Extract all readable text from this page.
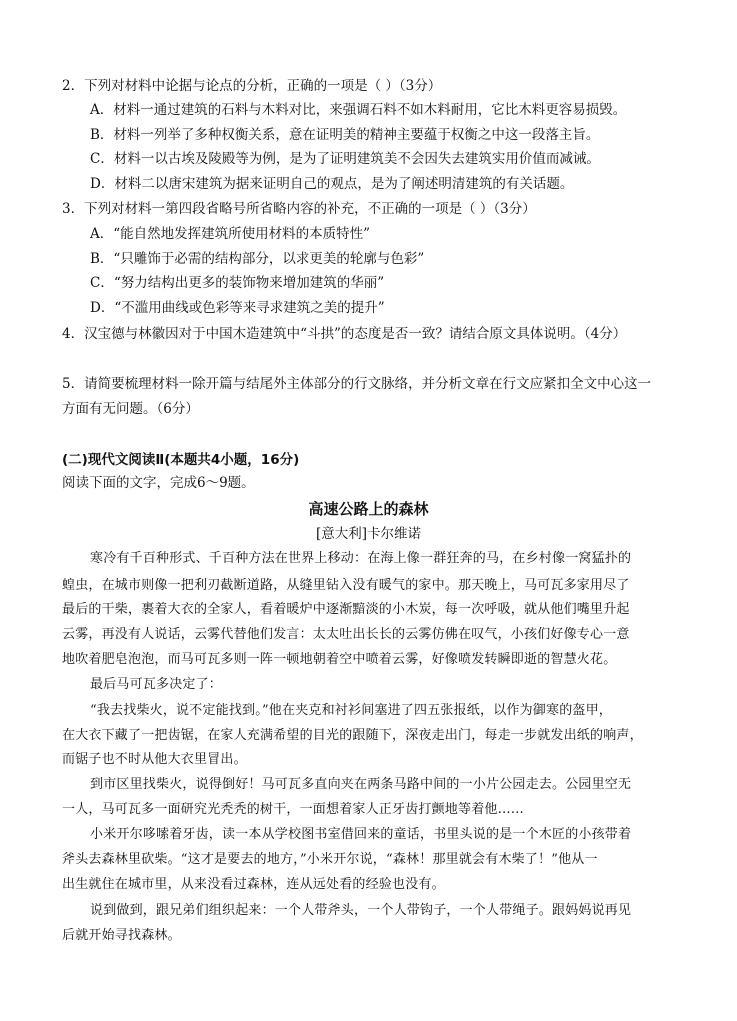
2．下列对材料中论据与论点的分析，正确的一项是（ ）（3分）
A．材料一通过建筑的石料与木料对比，来强调石料不如木料耐用，它比木料更容易损毁。
B．材料一列举了多种权衡关系，意在证明美的精神主要蕴于权衡之中这一段落主旨。
C．材料一以古埃及陵殿等为例，是为了证明建筑美不会因失去建筑实用价值而减诫。
D．材料二以唐宋建筑为据来证明自己的观点，是为了阐述明清建筑的有关话题。
3．下列对材料一第四段省略号所省略内容的补充，不正确的一项是（ ）（3分）
A．“能自然地发挥建筑所使用材料的本质特性”
B．“只雕饰于必需的结构部分，以求更美的轮廓与色彩”
C．“努力结构出更多的装饰物来增加建筑的华丽”
D．“不滥用曲线或色彩等来寻求建筑之美的提升”
4．汉宝德与林徽因对于中国木造建筑中“斗拱”的态度是否一致？请结合原文具体说明。（4分）
5．请简要梳理材料一除开篇与结尾外主体部分的行文脉络，并分析文章在行文应紧扣全文中心这一
方面有无问题。（6分）
(二)现代文阅读Ⅱ(本题共4小题，16分)
阅读下面的文字，完成6～9题。
高速公路上的森林
[意大利]卡尔维诺
寒冷有千百种形式、千百种方法在世界上移动：在海上像一群狂奔的马，在乡村像一窝猛扑的
蝗虫，在城市则像一把利刃截断道路，从缝里钻入没有暖气的家中。那天晚上，马可瓦多家用尽了
最后的干柴，裹着大衣的全家人，看着暖炉中逐渐黯淡的小木炭，每一次呼吸，就从他们嘴里升起
云雾，再没有人说话，云雾代替他们发言：太太吐出长长的云雾仿佛在叹气，小孩们好像专心一意
地吹着肥皂泡泡，而马可瓦多则一阵一顿地朝着空中喷着云雾，好像喷发转瞬即逝的智慧火花。
最后马可瓦多决定了：
“我去找柴火，说不定能找到。”他在夹克和衬衫间塞进了四五张报纸，以作为御寒的盔甲，
在大衣下藏了一把齿锯，在家人充满希望的目光的跟随下，深夜走出门，每走一步就发出纸的响声，
而锯子也不时从他大衣里冒出。
到市区里找柴火，说得倒好！马可瓦多直向夹在两条马路中间的一小片公园走去。公园里空无
一人，马可瓦多一面研究光秃秃的树干，一面想着家人正牙齿打颤地等着他……
小米开尔哆嗦着牙齿，读一本从学校图书室借回来的童话，书里头说的是一个木匠的小孩带着
斧头去森林里砍柴。“这才是要去的地方，”小米开尔说，“森林！那里就会有木柴了！”他从一
出生就住在城市里，从来没看过森林，连从远处看的经验也没有。
说到做到，跟兄弟们组织起来：一个人带斧头，一个人带钩子，一个人带绳子。跟妈妈说再见
后就开始寻找森林。
